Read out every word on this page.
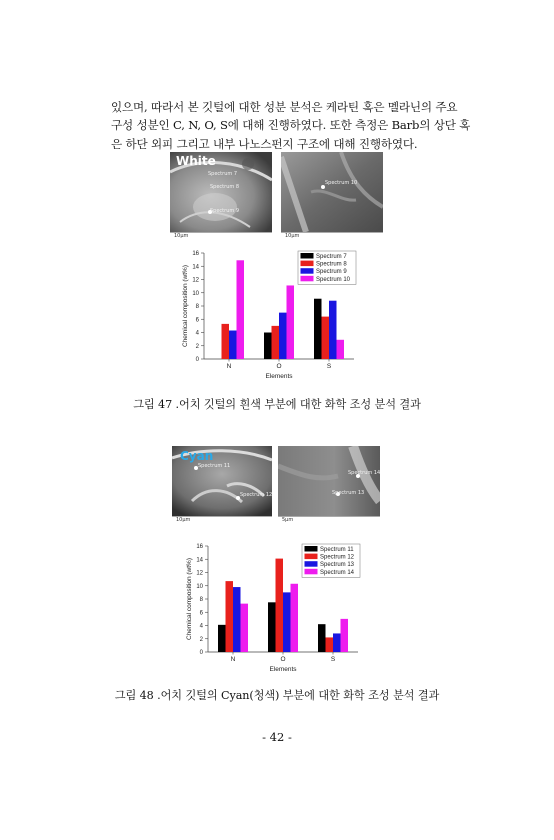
있으며, 따라서 본 깃털에 대한 성분 분석은 케라틴 혹은 멜라닌의 주요
구성 성분인 C, N, O, S에 대해 진행하였다. 또한 측정은 Barb의 상단 혹
은 하단 외피 그리고 내부 나노스펀지 구조에 대해 진행하였다.
White
Spectrum 7
Spectrum 8
Spectrum 9
10μm
Spectrum 10
10μm
0
2
4
6
8
10
12
14
16
Chemical composition (wt%)
N	O	S
Elements
Spectrum 7
Spectrum 8
Spectrum 9
Spectrum 10
그림 47 .어치 깃털의 흰색 부분에 대한 화학 조성 분석 결과
Cyan
Spectrum 11
Spectrum 12
10μm
Spectrum 14
Spectrum 13
5μm
0
2
4
6
8
10
12
14
16
Chemical composition (wt%)
N	O	S
Elements
Spectrum 11
Spectrum 12
Spectrum 13
Spectrum 14
그림 48 .어치 깃털의 Cyan(청색) 부분에 대한 화학 조성 분석 결과
- 42 -
